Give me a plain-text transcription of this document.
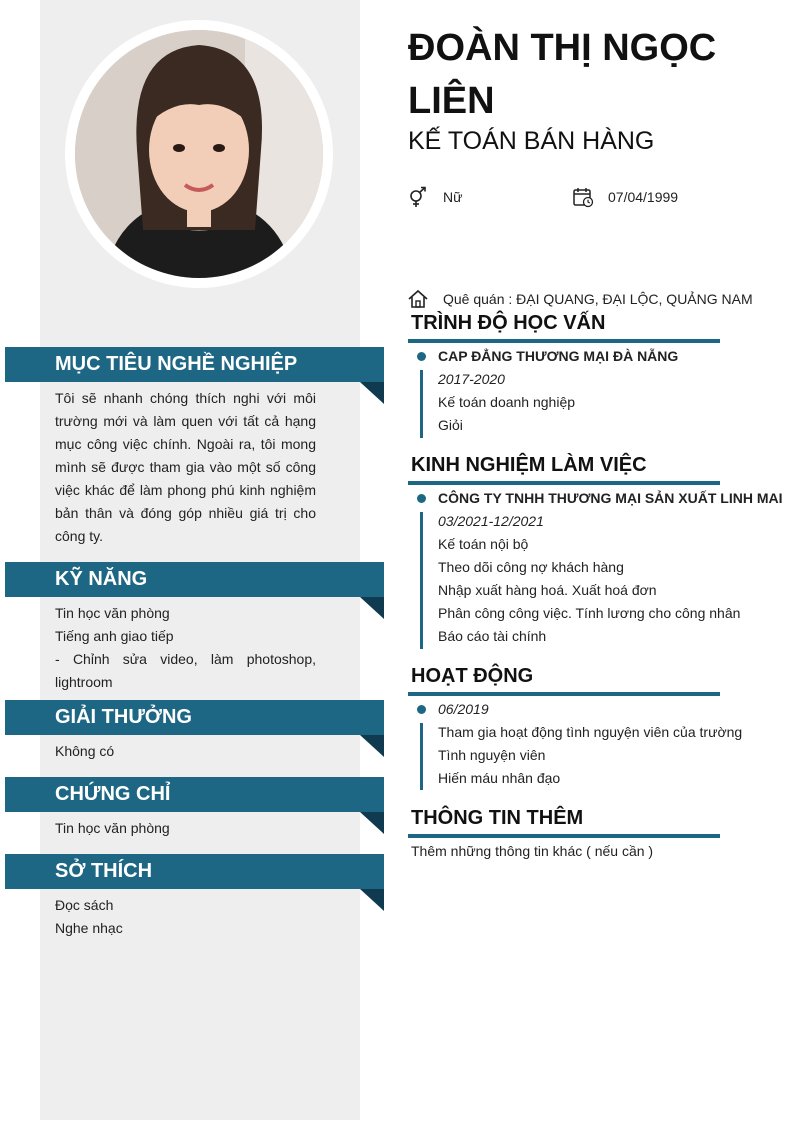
MỤC TIÊU NGHỀ NGHIỆP
Tôi sẽ nhanh chóng thích nghi với môi trường mới và làm quen với tất cả hạng mục công việc chính. Ngoài ra, tôi mong mình sẽ được tham gia vào một số công việc khác để làm phong phú kinh nghiệm bản thân và đóng góp nhiều giá trị cho công ty.
KỸ NĂNG
Tin học văn phòng
Tiếng anh giao tiếp
- Chỉnh sửa video, làm photoshop, lightroom
GIẢI THƯỞNG
Không có
CHỨNG CHỈ
Tin học văn phòng
SỞ THÍCH
Đọc sách
Nghe nhạc
ĐOÀN THỊ NGỌC LIÊN
KẾ TOÁN BÁN HÀNG
Nữ	07/04/1999
Quê quán : ĐẠI QUANG, ĐẠI LỘC, QUẢNG NAM
TRÌNH ĐỘ HỌC VẤN
CAP ĐẲNG THƯƠNG MẠI ĐÀ NẴNG
2017-2020
Kế toán doanh nghiệp
Giỏi
KINH NGHIỆM LÀM VIỆC
CÔNG TY TNHH THƯƠNG MẠI SẢN XUẤT LINH MAI
03/2021-12/2021
Kế toán nội bộ
Theo dõi công nợ khách hàng
Nhập xuất hàng hoá. Xuất hoá đơn
Phân công công việc. Tính lương cho công nhân
Báo cáo tài chính
HOẠT ĐỘNG
06/2019
Tham gia hoạt động tình nguyện viên của trường
Tình nguyện viên
Hiến máu nhân đạo
THÔNG TIN THÊM
Thêm những thông tin khác ( nếu cần )
